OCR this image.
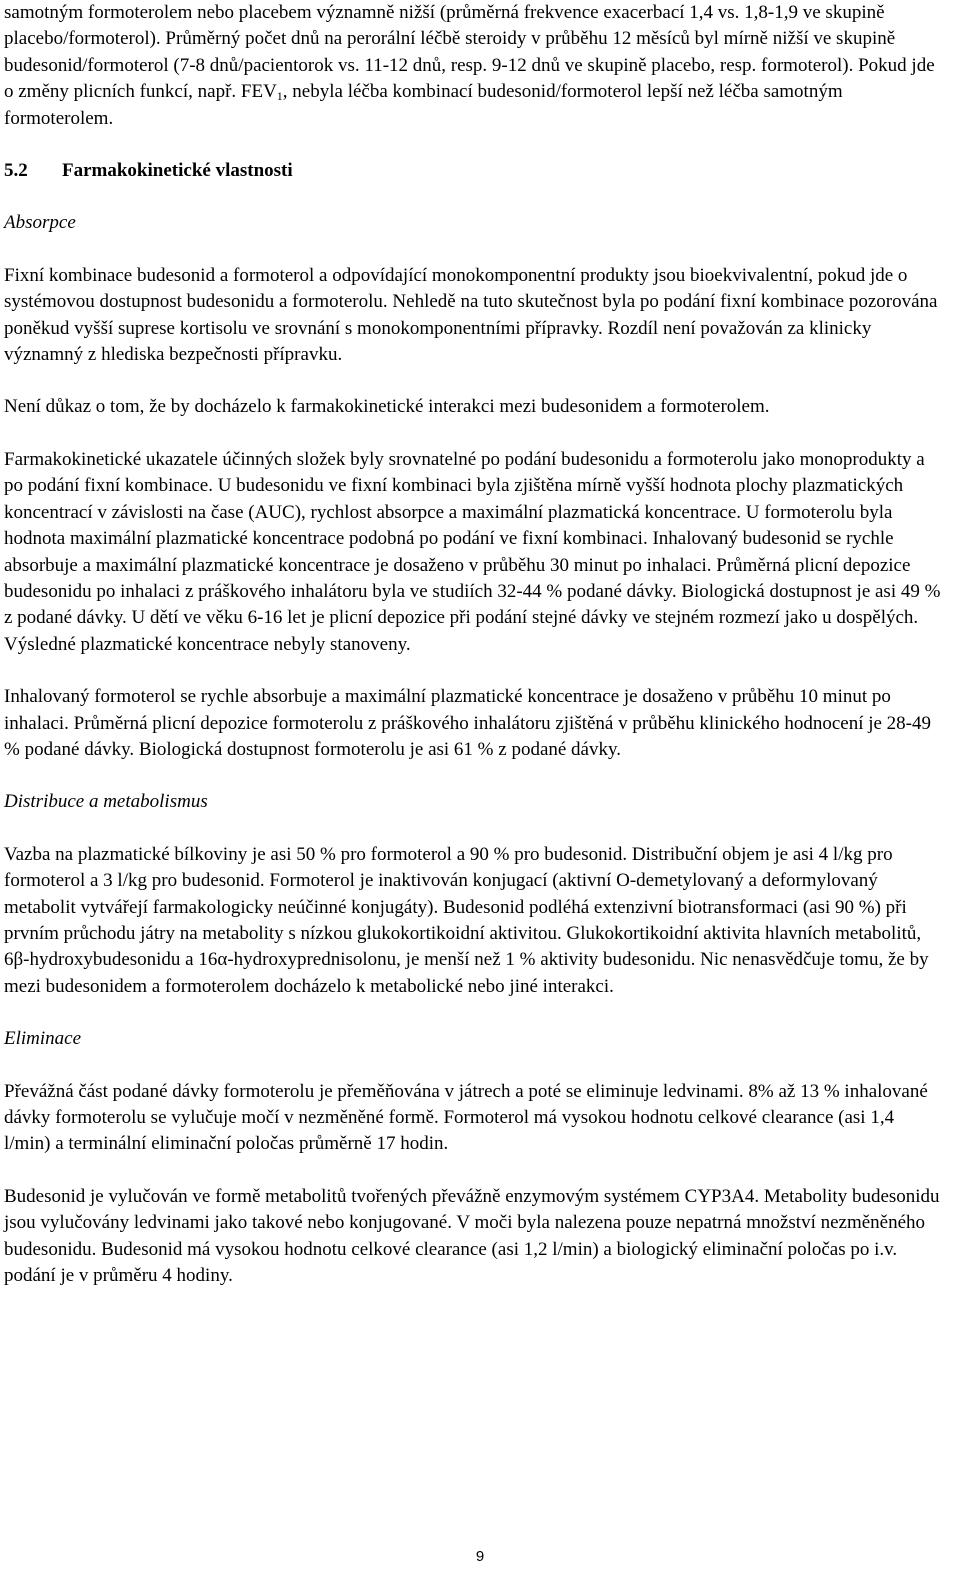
samotným formoterolem nebo placebem významně nižší (průměrná frekvence exacerbací 1,4 vs. 1,8-1,9 ve skupině placebo/formoterol). Průměrný počet dnů na perorální léčbě steroidy v průběhu 12 měsíců byl mírně nižší ve skupině budesonid/formoterol (7-8 dnů/pacientorok vs. 11-12 dnů, resp. 9-12 dnů ve skupině placebo, resp. formoterol). Pokud jde o změny plicních funkcí, např. $FEV_1$, nebyla léčba kombinací budesonid/formoterol lepší než léčba samotným formoterolem.

5.2	Farmakokinetické vlastnosti
Absorpce

Fixní kombinace budesonid a formoterol a odpovídající monokomponentní produkty jsou bioekvivalentní, pokud jde o systémovou dostupnost budesonidu a formoterolu. Nehledě na tuto skutečnost byla po podání fixní kombinace pozorována poněkud vyšší suprese kortisolu ve srovnání s monokomponentními přípravky. Rozdíl není považován za klinicky významný z hlediska bezpečnosti přípravku.

Není důkaz o tom, že by docházelo k farmakokinetické interakci mezi budesonidem a formoterolem.

Farmakokinetické ukazatele účinných složek byly srovnatelné po podání budesonidu a formoterolu jako monoprodukty a po podání fixní kombinace. U budesonidu ve fixní kombinaci byla zjištěna mírně vyšší hodnota plochy plazmatických koncentrací v závislosti na čase (AUC), rychlost absorpce a maximální plazmatická koncentrace. U formoterolu byla hodnota maximální plazmatické koncentrace podobná po podání ve fixní kombinaci. Inhalovaný budesonid se rychle absorbuje a maximální plazmatické koncentrace je dosaženo v průběhu 30 minut po inhalaci. Průměrná plicní depozice budesonidu po inhalaci z práškového inhalátoru byla ve studiích 32-44 % podané dávky. Biologická dostupnost je asi 49 % z podané dávky. U dětí ve věku 6-16 let je plicní depozice při podání stejné dávky ve stejném rozmezí jako u dospělých. Výsledné plazmatické koncentrace nebyly stanoveny.

Inhalovaný formoterol se rychle absorbuje a maximální plazmatické koncentrace je dosaženo v průběhu 10 minut po inhalaci. Průměrná plicní depozice formoterolu z práškového inhalátoru zjištěná v průběhu klinického hodnocení je 28-49 % podané dávky. Biologická dostupnost formoterolu je asi 61 % z podané dávky.

Distribuce a metabolismus

Vazba na plazmatické bílkoviny je asi 50 % pro formoterol a 90 % pro budesonid. Distribuční objem je asi 4 l/kg pro formoterol a 3 l/kg pro budesonid. Formoterol je inaktivován konjugací (aktivní O-demetylovaný a deformylovaný metabolit vytvářejí farmakologicky neúčinné konjugáty). Budesonid podléhá extenzivní biotransformaci (asi 90 %) při prvním průchodu játry na metabolity s nízkou glukokortikoidní aktivitou. Glukokortikoidní aktivita hlavních metabolitů, 6β-hydroxybudesonidu a 16α-hydroxyprednisolonu, je menší než 1 % aktivity budesonidu. Nic nenasvědčuje tomu, že by mezi budesonidem a formoterolem docházelo k metabolické nebo jiné interakci.

Eliminace

Převážná část podané dávky formoterolu je přeměňována v játrech a poté se eliminuje ledvinami. 8% až 13 % inhalované dávky formoterolu se vylučuje močí v nezměněné formě. Formoterol má vysokou hodnotu celkové clearance (asi 1,4 l/min) a terminální eliminační poločas průměrně 17 hodin.

Budesonid je vylučován ve formě metabolitů tvořených převážně enzymovým systémem CYP3A4. Metabolity budesonidu jsou vylučovány ledvinami jako takové nebo konjugované. V moči byla nalezena pouze nepatrná množství nezměněného budesonidu. Budesonid má vysokou hodnotu celkové clearance (asi 1,2 l/min) a biologický eliminační poločas po i.v. podání je v průměru 4 hodiny.

9
